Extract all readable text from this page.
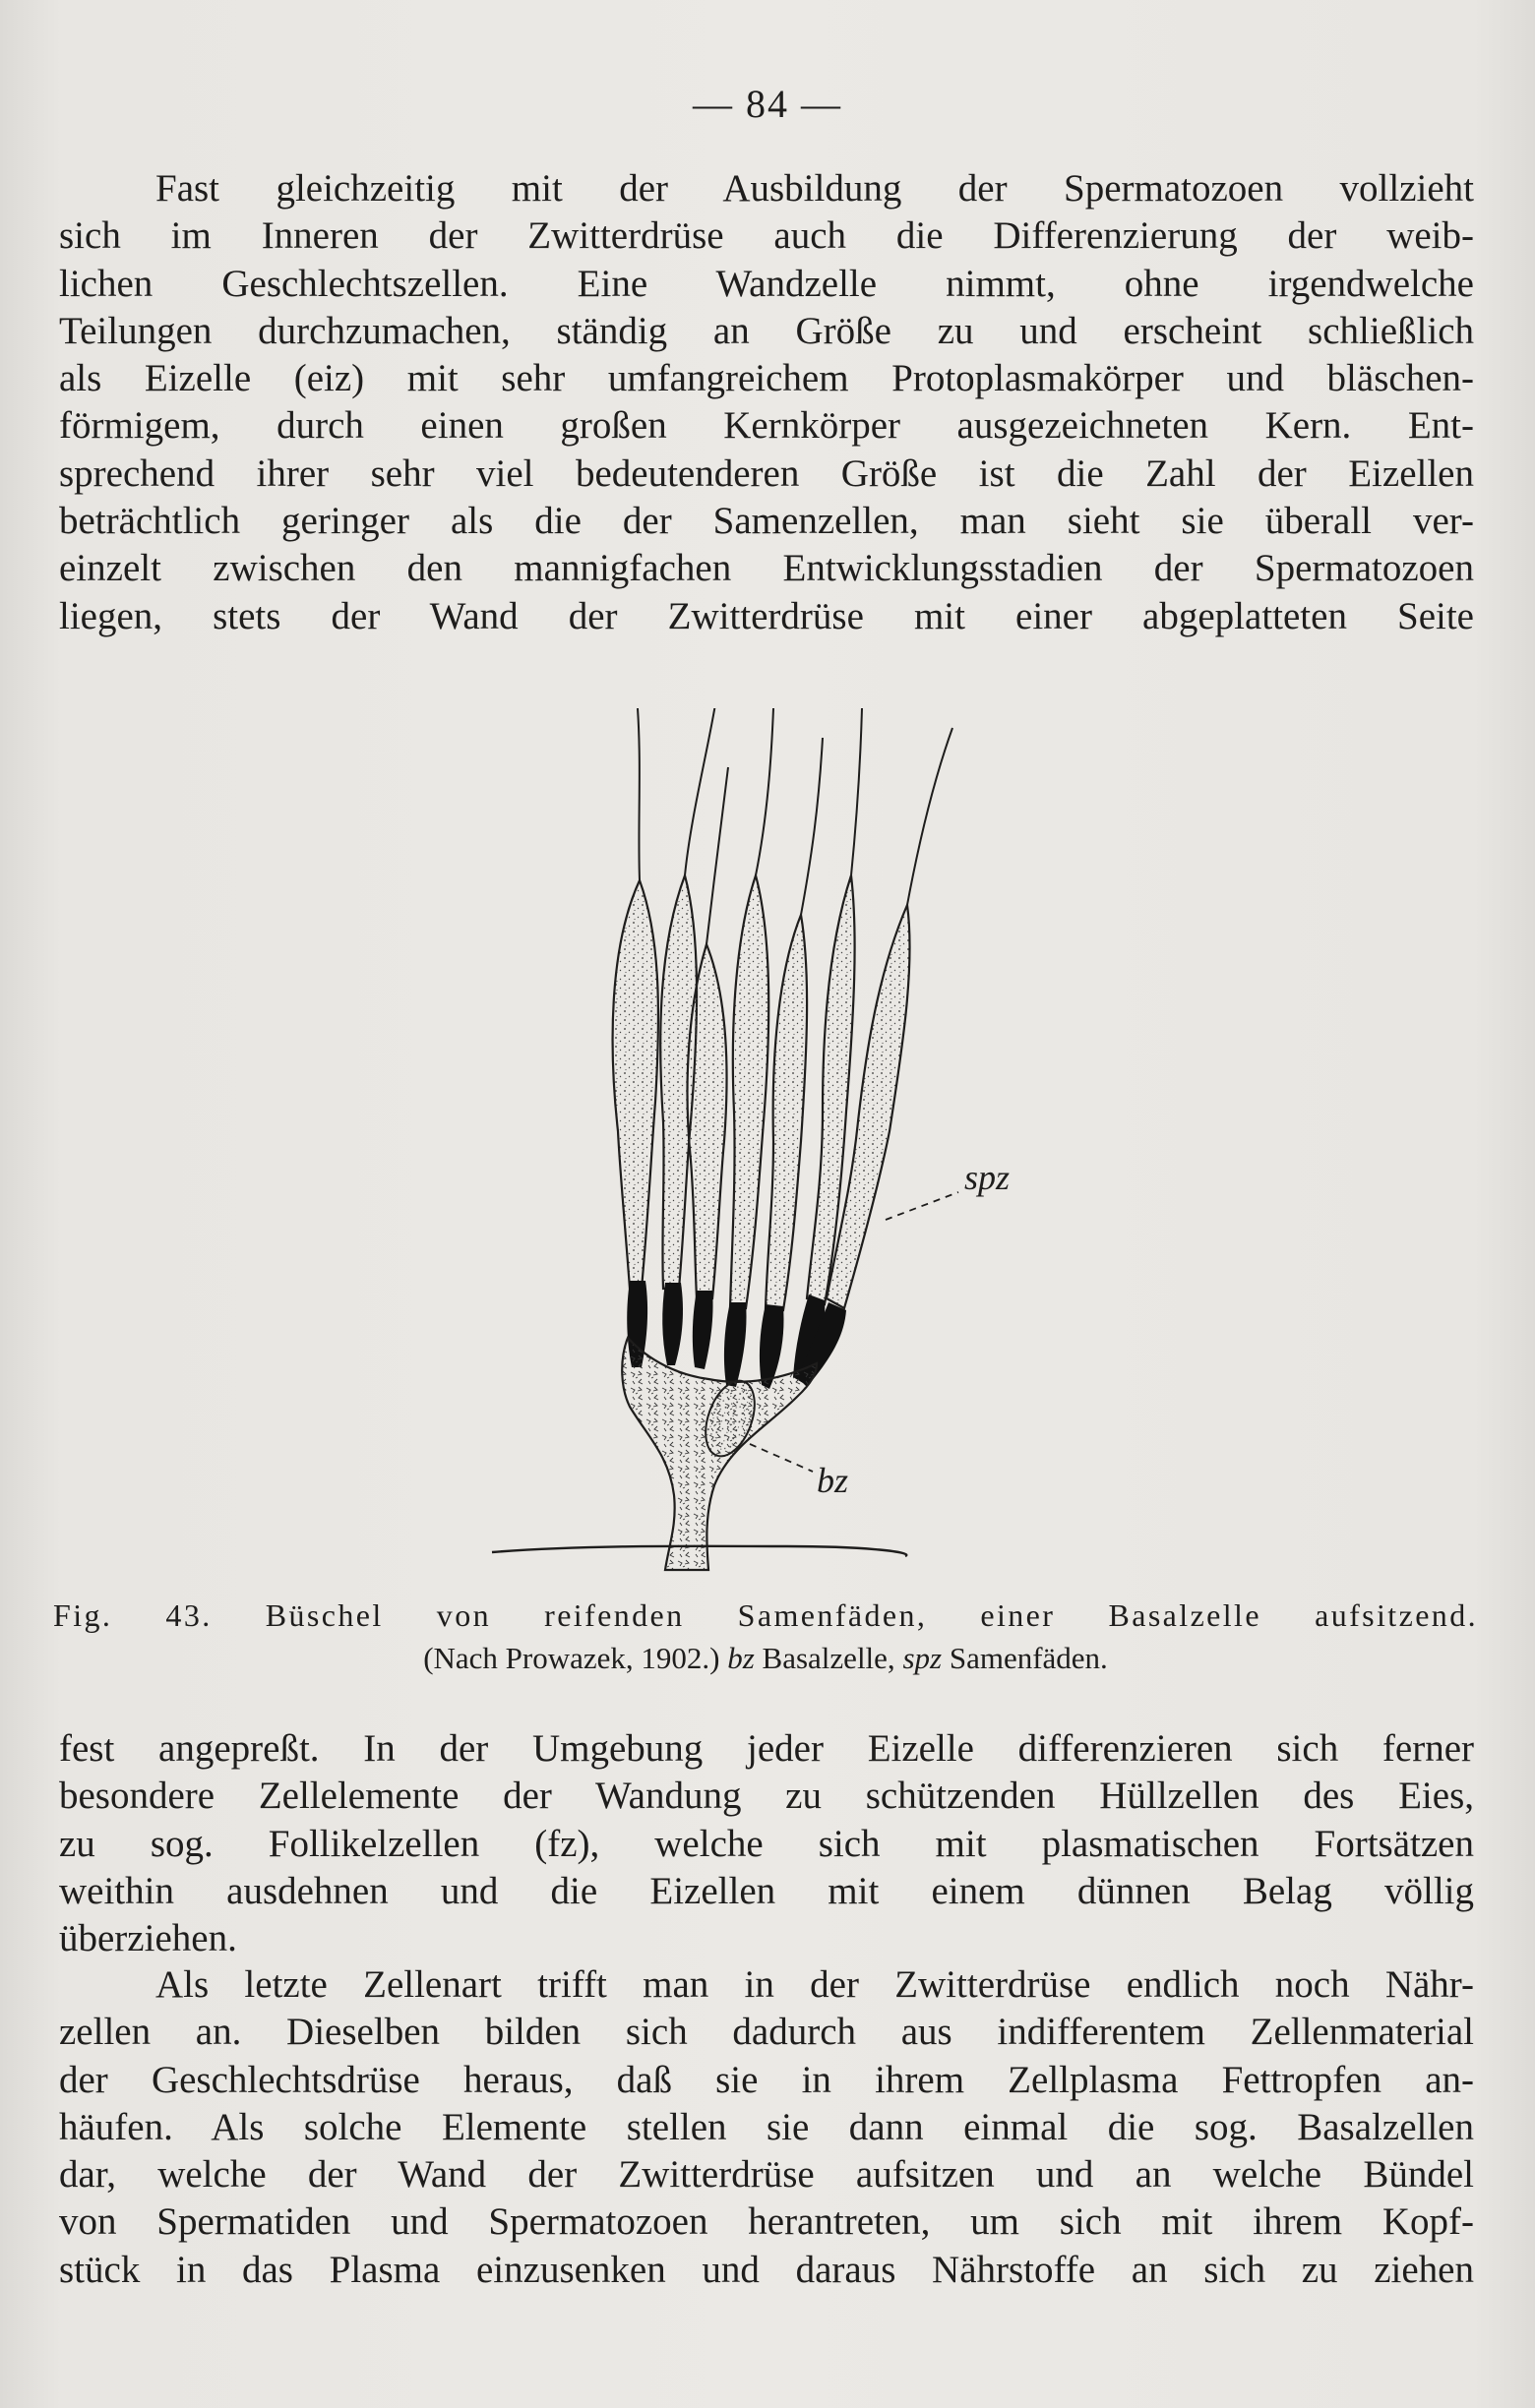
— 84 —
Fast gleichzeitig mit der Ausbildung der Spermatozoen vollzieht
sich im Inneren der Zwitterdrüse auch die Differenzierung der weib-
lichen Geschlechtszellen. Eine Wandzelle nimmt, ohne irgendwelche
Teilungen durchzumachen, ständig an Größe zu und erscheint schließlich
als Eizelle (eiz) mit sehr umfangreichem Protoplasmakörper und bläschen-
förmigem, durch einen großen Kernkörper ausgezeichneten Kern. Ent-
sprechend ihrer sehr viel bedeutenderen Größe ist die Zahl der Eizellen
beträchtlich geringer als die der Samenzellen, man sieht sie überall ver-
einzelt zwischen den mannigfachen Entwicklungsstadien der Spermatozoen
liegen, stets der Wand der Zwitterdrüse mit einer abgeplatteten Seite
spz
bz
Fig. 43. Büschel von reifenden Samenfäden, einer Basalzelle aufsitzend.
(Nach Prowazek, 1902.) bz Basalzelle, spz Samenfäden.
fest angepreßt. In der Umgebung jeder Eizelle differenzieren sich ferner
besondere Zellelemente der Wandung zu schützenden Hüllzellen des Eies,
zu sog. Follikelzellen (fz), welche sich mit plasmatischen Fortsätzen
weithin ausdehnen und die Eizellen mit einem dünnen Belag völlig
überziehen.
Als letzte Zellenart trifft man in der Zwitterdrüse endlich noch Nähr-
zellen an. Dieselben bilden sich dadurch aus indifferentem Zellenmaterial
der Geschlechtsdrüse heraus, daß sie in ihrem Zellplasma Fettropfen an-
häufen. Als solche Elemente stellen sie dann einmal die sog. Basalzellen
dar, welche der Wand der Zwitterdrüse aufsitzen und an welche Bündel
von Spermatiden und Spermatozoen herantreten, um sich mit ihrem Kopf-
stück in das Plasma einzusenken und daraus Nährstoffe an sich zu ziehen
